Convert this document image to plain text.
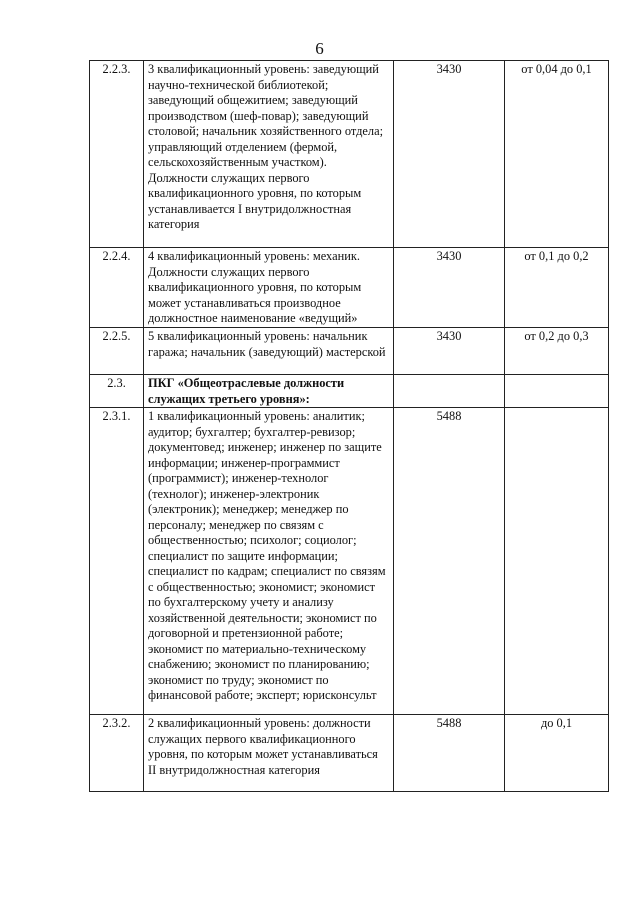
6
2.2.3.	3 квалификационный уровень: заведующий научно-технической библиотекой; заведующий общежитием; заведующий производством (шеф-повар); заведующий столовой; начальник хозяйственного отдела; управляющий отделением (фермой, сельскохозяйственным участком). Должности служащих первого квалификационного уровня, по которым устанавливается I внутридолжностная категория	3430	от 0,04 до 0,1
2.2.4.	4 квалификационный уровень: механик. Должности служащих первого квалификационного уровня, по которым может устанавливаться производное должностное наименование «ведущий»	3430	от 0,1 до 0,2
2.2.5.	5 квалификационный уровень: начальник гаража; начальник (заведующий) мастерской	3430	от 0,2 до 0,3
2.3.	ПКГ «Общеотраслевые должности служащих третьего уровня»:		
2.3.1.	1 квалификационный уровень: аналитик; аудитор; бухгалтер; бухгалтер-ревизор; документовед; инженер; инженер по защите информации; инженер-программист (программист); инженер-технолог (технолог); инженер-электроник (электроник); менеджер; менеджер по персоналу; менеджер по связям с общественностью; психолог; социолог; специалист по защите информации; специалист по кадрам; специалист по связям с общественностью; экономист; экономист по бухгалтерскому учету и анализу хозяйственной деятельности; экономист по договорной и претензионной работе; экономист по материально-техническому снабжению; экономист по планированию; экономист по труду; экономист по финансовой работе; эксперт; юрисконсульт	5488	
2.3.2.	2 квалификационный уровень: должности служащих первого квалификационного уровня, по которым может устанавливаться II внутридолжностная категория	5488	до 0,1
